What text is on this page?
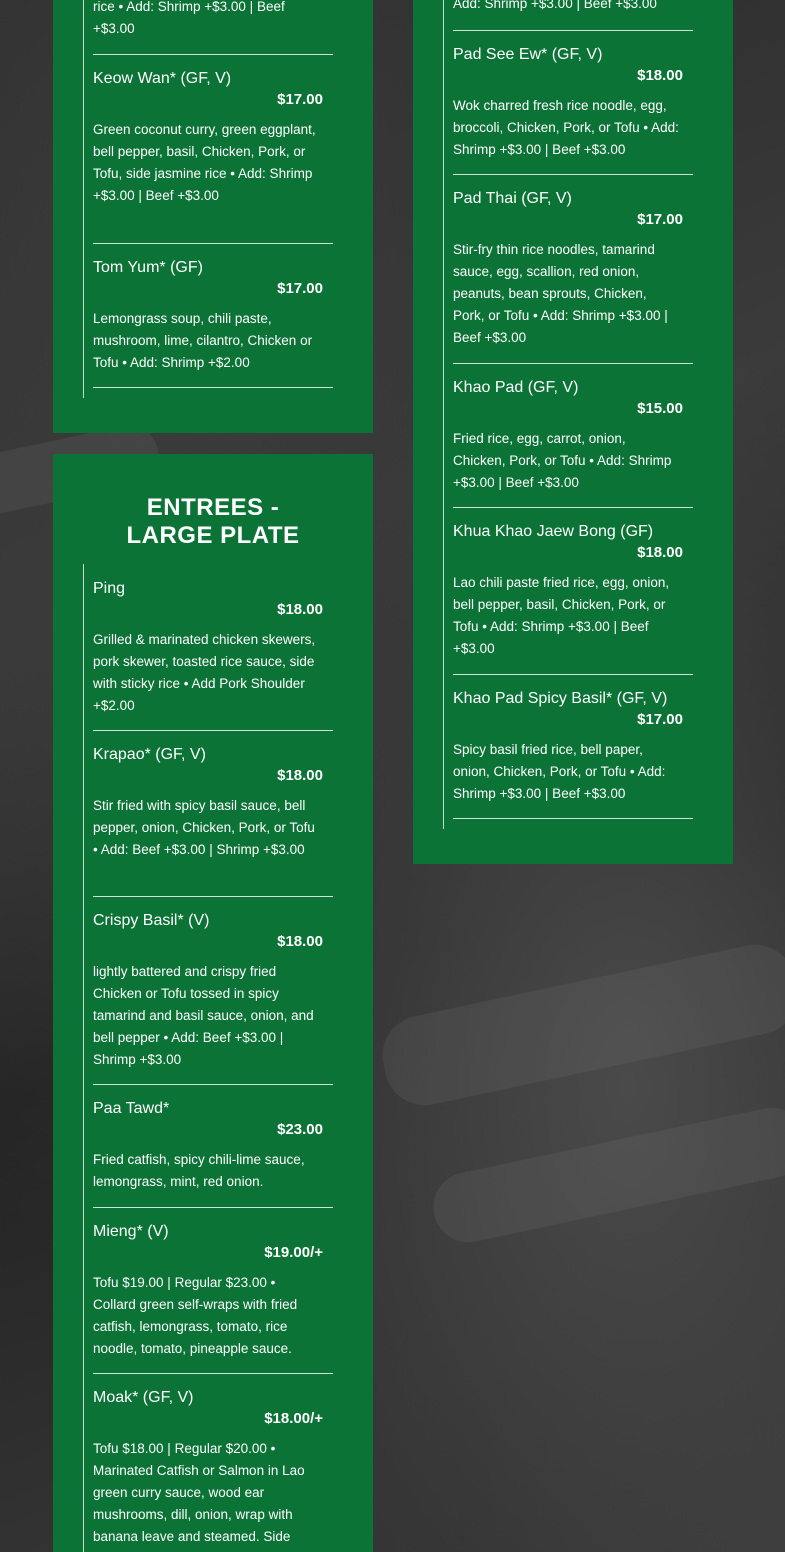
rice • Add: Shrimp +$3.00 | Beef +$3.00
Keow Wan* (GF, V)
$17.00
Green coconut curry, green eggplant, bell pepper, basil, Chicken, Pork, or Tofu, side jasmine rice • Add: Shrimp +$3.00 | Beef +$3.00
Tom Yum* (GF)
$17.00
Lemongrass soup, chili paste, mushroom, lime, cilantro, Chicken or Tofu • Add: Shrimp +$2.00
ENTREES - LARGE PLATE
Ping
$18.00
Grilled & marinated chicken skewers, pork skewer, toasted rice sauce, side with sticky rice • Add Pork Shoulder +$2.00
Krapao* (GF, V)
$18.00
Stir fried with spicy basil sauce, bell pepper, onion, Chicken, Pork, or Tofu • Add: Beef +$3.00 | Shrimp +$3.00
Crispy Basil* (V)
$18.00
lightly battered and crispy fried Chicken or Tofu tossed in spicy tamarind and basil sauce, onion, and bell pepper • Add: Beef +$3.00 | Shrimp +$3.00
Paa Tawd*
$23.00
Fried catfish, spicy chili-lime sauce, lemongrass, mint, red onion.
Mieng* (V)
$19.00/+
Tofu $19.00 | Regular $23.00 • Collard green self-wraps with fried catfish, lemongrass, tomato, rice noodle, tomato, pineapple sauce.
Moak* (GF, V)
$18.00/+
Tofu $18.00 | Regular $20.00 • Marinated Catfish or Salmon in Lao green curry sauce, wood ear mushrooms, dill, onion, wrap with banana leave and steamed. Side
Add: Shrimp +$3.00 | Beef +$3.00
Pad See Ew* (GF, V)
$18.00
Wok charred fresh rice noodle, egg, broccoli, Chicken, Pork, or Tofu • Add: Shrimp +$3.00 | Beef +$3.00
Pad Thai (GF, V)
$17.00
Stir-fry thin rice noodles, tamarind sauce, egg, scallion, red onion, peanuts, bean sprouts, Chicken, Pork, or Tofu • Add: Shrimp +$3.00 | Beef +$3.00
Khao Pad (GF, V)
$15.00
Fried rice, egg, carrot, onion, Chicken, Pork, or Tofu • Add: Shrimp +$3.00 | Beef +$3.00
Khua Khao Jaew Bong (GF)
$18.00
Lao chili paste fried rice, egg, onion, bell pepper, basil, Chicken, Pork, or Tofu • Add: Shrimp +$3.00 | Beef +$3.00
Khao Pad Spicy Basil* (GF, V)
$17.00
Spicy basil fried rice, bell paper, onion, Chicken, Pork, or Tofu • Add: Shrimp +$3.00 | Beef +$3.00
